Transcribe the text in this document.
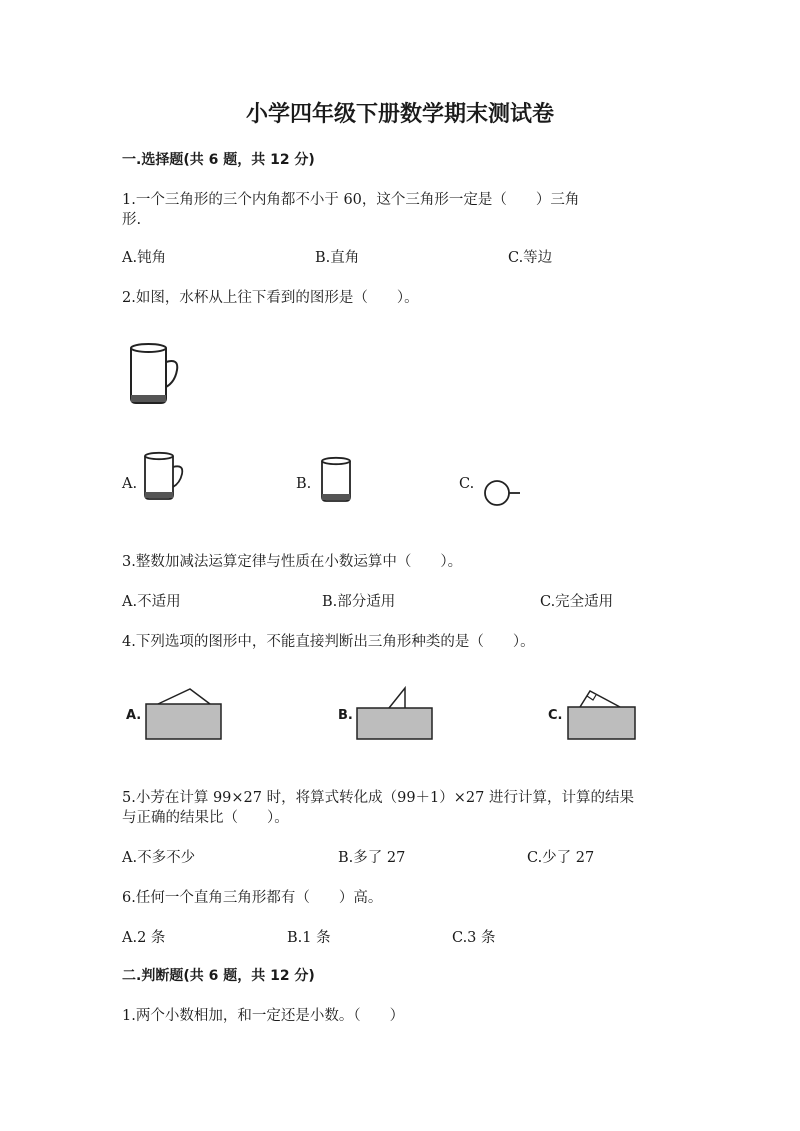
小学四年级下册数学期末测试卷
一.选择题(共 6 题，共 12 分)
1.一个三角形的三个内角都不小于 60，这个三角形一定是（　　）三角
形.
A.钝角	B.直角	C.等边
2.如图，水杯从上往下看到的图形是（　　）。
A.	B.	C.
3.整数加减法运算定律与性质在小数运算中（　　）。
A.不适用	B.部分适用	C.完全适用
4.下列选项的图形中，不能直接判断出三角形种类的是（　　）。
A.	B.	C.
5.小芳在计算 99×27 时，将算式转化成（99＋1）×27 进行计算，计算的结果
与正确的结果比（　　）。
A.不多不少	B.多了 27	C.少了 27
6.任何一个直角三角形都有（　　）高。
A.2 条	B.1 条	C.3 条
二.判断题(共 6 题，共 12 分)
1.两个小数相加，和一定还是小数。（　　）
